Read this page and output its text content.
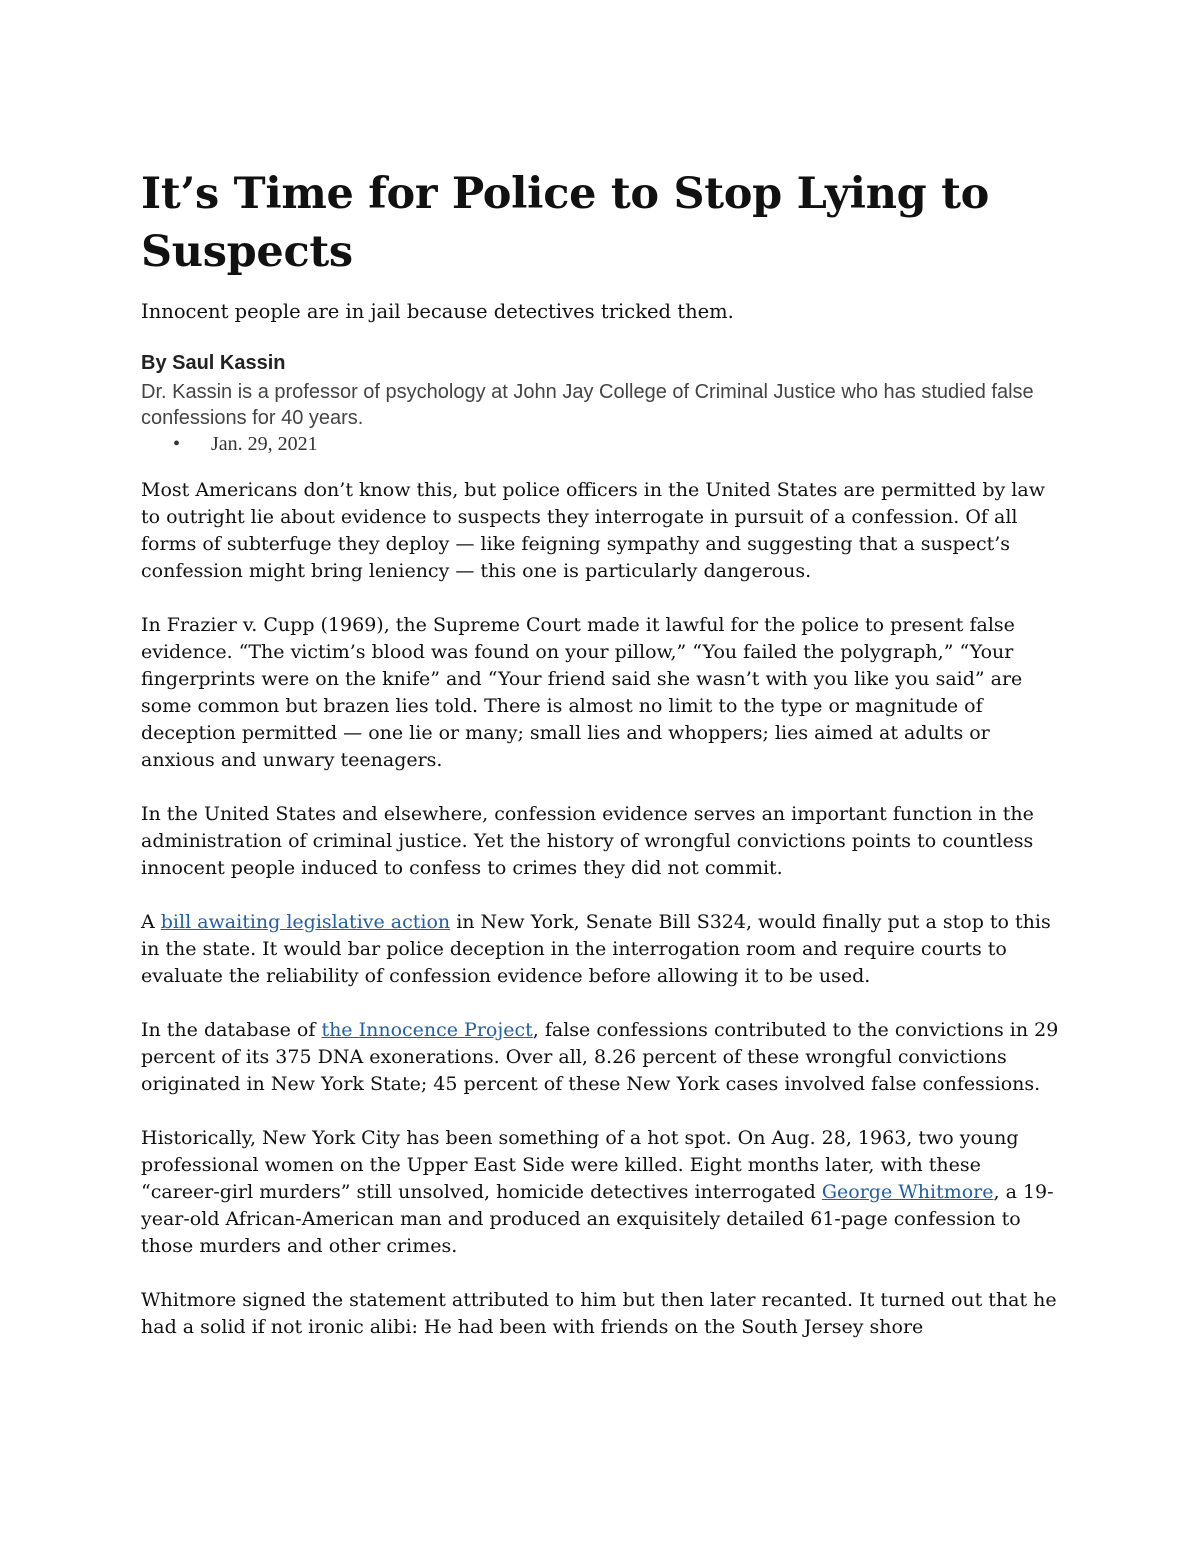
It’s Time for Police to Stop Lying to Suspects

Innocent people are in jail because detectives tricked them.

By Saul Kassin

Dr. Kassin is a professor of psychology at John Jay College of Criminal Justice who has studied false confessions for 40 years.

• Jan. 29, 2021

Most Americans don’t know this, but police officers in the United States are permitted by law to outright lie about evidence to suspects they interrogate in pursuit of a confession. Of all forms of subterfuge they deploy — like feigning sympathy and suggesting that a suspect’s confession might bring leniency — this one is particularly dangerous.

In Frazier v. Cupp (1969), the Supreme Court made it lawful for the police to present false evidence. “The victim’s blood was found on your pillow,” “You failed the polygraph,” “Your fingerprints were on the knife” and “Your friend said she wasn’t with you like you said” are some common but brazen lies told. There is almost no limit to the type or magnitude of deception permitted — one lie or many; small lies and whoppers; lies aimed at adults or anxious and unwary teenagers.

In the United States and elsewhere, confession evidence serves an important function in the administration of criminal justice. Yet the history of wrongful convictions points to countless innocent people induced to confess to crimes they did not commit.

A bill awaiting legislative action in New York, Senate Bill S324, would finally put a stop to this in the state. It would bar police deception in the interrogation room and require courts to evaluate the reliability of confession evidence before allowing it to be used.

In the database of the Innocence Project, false confessions contributed to the convictions in 29 percent of its 375 DNA exonerations. Over all, 8.26 percent of these wrongful convictions originated in New York State; 45 percent of these New York cases involved false confessions.

Historically, New York City has been something of a hot spot. On Aug. 28, 1963, two young professional women on the Upper East Side were killed. Eight months later, with these “career-girl murders” still unsolved, homicide detectives interrogated George Whitmore, a 19-year-old African-American man and produced an exquisitely detailed 61-page confession to those murders and other crimes.

Whitmore signed the statement attributed to him but then later recanted. It turned out that he had a solid if not ironic alibi: He had been with friends on the South Jersey shore
